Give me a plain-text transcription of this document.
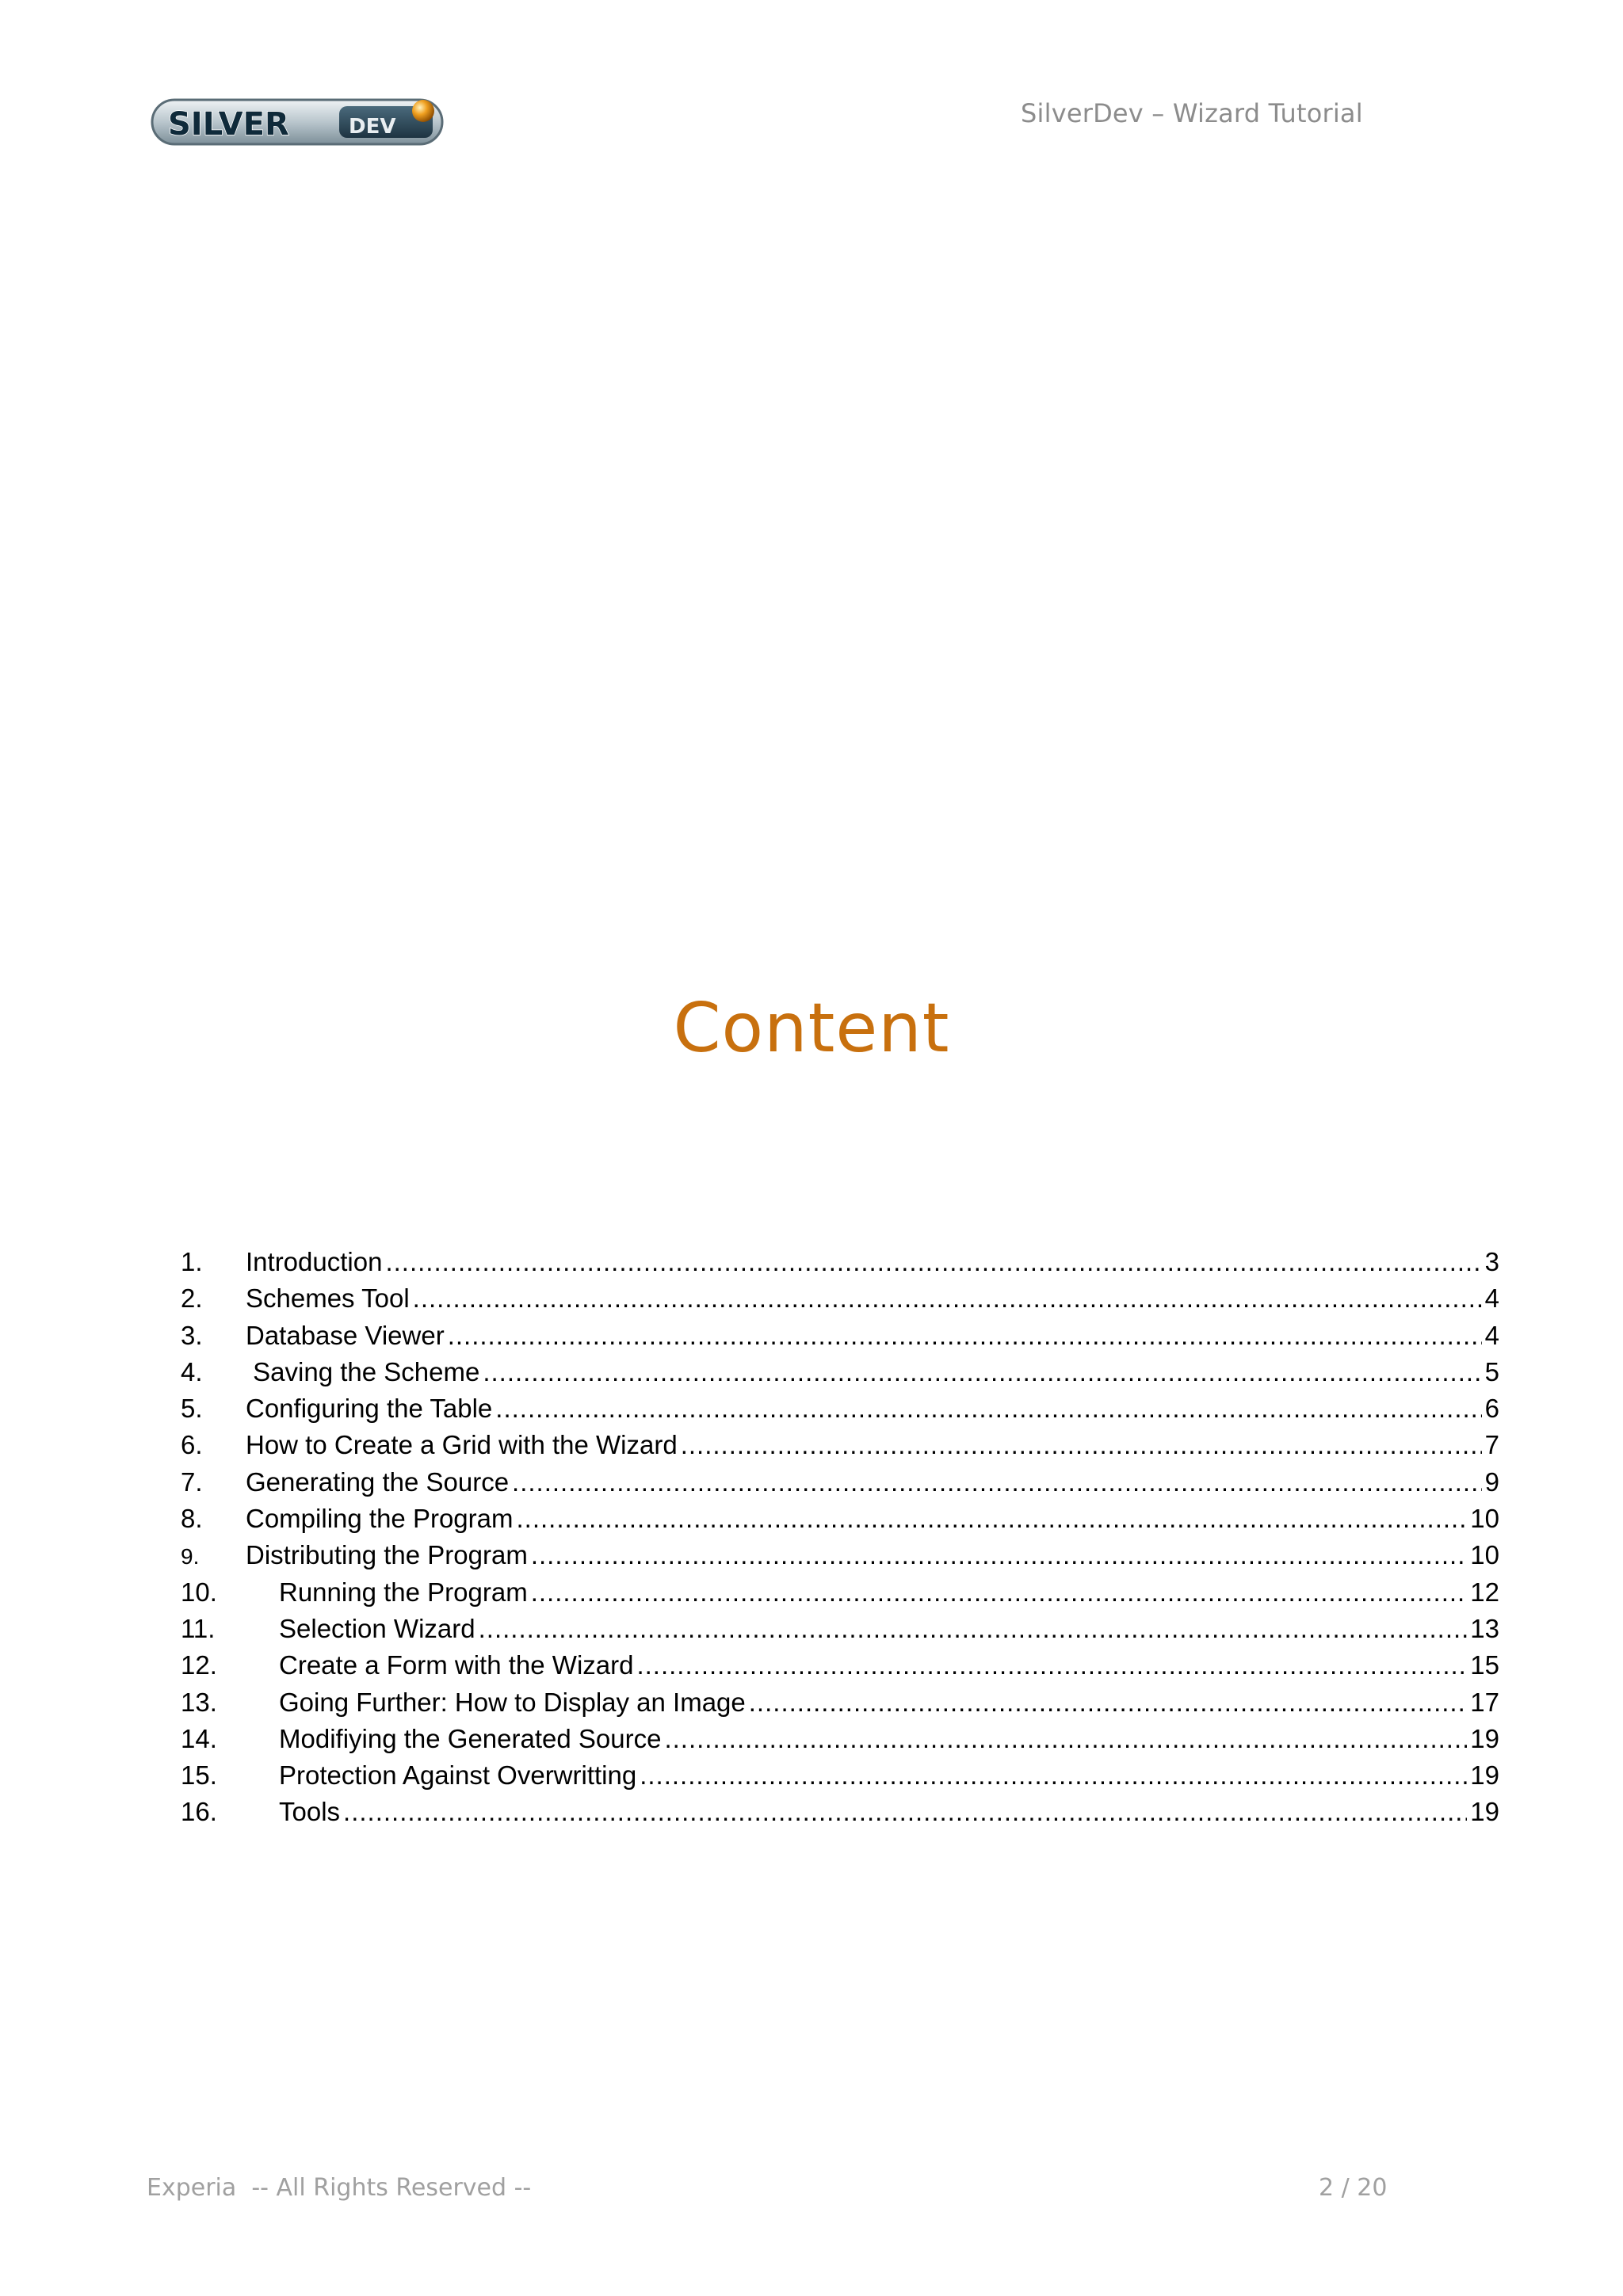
SILVER	DEV	SilverDev – Wizard Tutorial
Content
1.	Introduction .....	3
2.	Schemes Tool .....	4
3.	Database Viewer .....	4
4.	Saving the Scheme .....	5
5.	Configuring the Table .....	6
6.	How to Create a Grid with the Wizard .....	7
7.	Generating the Source .....	9
8.	Compiling the Program .....	10
9.	Distributing the Program .....	10
10.	Running the Program .....	12
11.	Selection Wizard .....	13
12.	Create a Form with the Wizard .....	15
13.	Going Further: How to Display an Image .....	17
14.	Modifiying the Generated Source .....	19
15.	Protection Against Overwritting .....	19
16.	Tools .....	19
Experia  -- All Rights Reserved --	2 / 20
